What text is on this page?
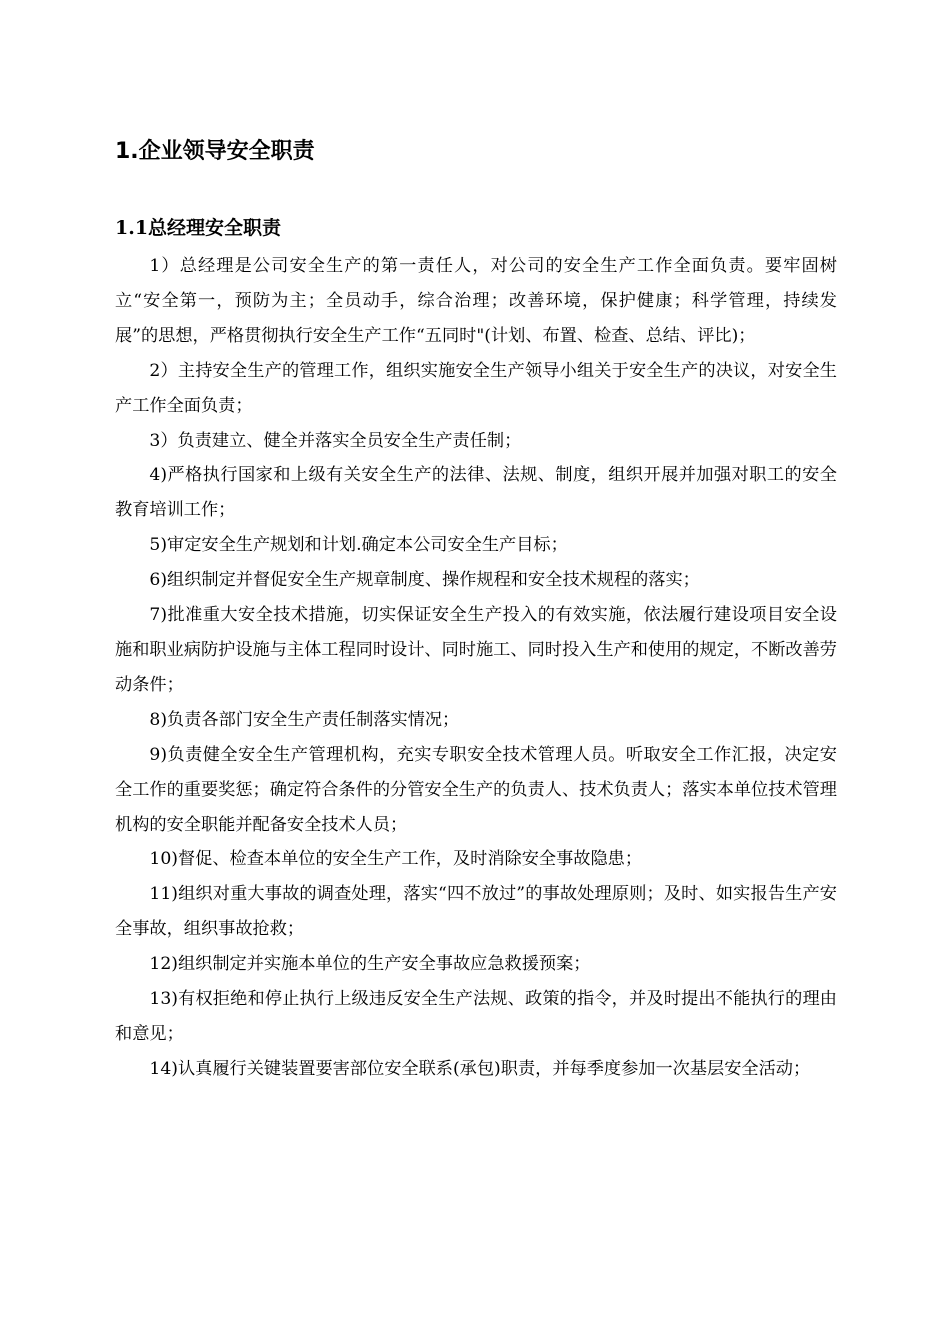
1.企业领导安全职责
1.1总经理安全职责

1）总经理是公司安全生产的第一责任人，对公司的安全生产工作全面负责。要牢固树立“安全第一，预防为主；全员动手，综合治理；改善环境，保护健康；科学管理，持续发展”的思想，严格贯彻执行安全生产工作“五同时"(计划、布置、检查、总结、评比)；

2）主持安全生产的管理工作，组织实施安全生产领导小组关于安全生产的决议，对安全生产工作全面负责；

3）负责建立、健全并落实全员安全生产责任制；

4)严格执行国家和上级有关安全生产的法律、法规、制度，组织开展并加强对职工的安全教育培训工作；

5)审定安全生产规划和计划.确定本公司安全生产目标；

6)组织制定并督促安全生产规章制度、操作规程和安全技术规程的落实；

7)批准重大安全技术措施，切实保证安全生产投入的有效实施，依法履行建设项目安全设施和职业病防护设施与主体工程同时设计、同时施工、同时投入生产和使用的规定，不断改善劳动条件；

8)负责各部门安全生产责任制落实情况；

9)负责健全安全生产管理机构，充实专职安全技术管理人员。听取安全工作汇报，决定安全工作的重要奖惩；确定符合条件的分管安全生产的负责人、技术负责人；落实本单位技术管理机构的安全职能并配备安全技术人员；

10)督促、检查本单位的安全生产工作，及时消除安全事故隐患；

11)组织对重大事故的调查处理，落实“四不放过”的事故处理原则；及时、如实报告生产安全事故，组织事故抢救；

12)组织制定并实施本单位的生产安全事故应急救援预案；

13)有权拒绝和停止执行上级违反安全生产法规、政策的指令，并及时提出不能执行的理由和意见；

14)认真履行关键装置要害部位安全联系(承包)职责，并每季度参加一次基层安全活动；
